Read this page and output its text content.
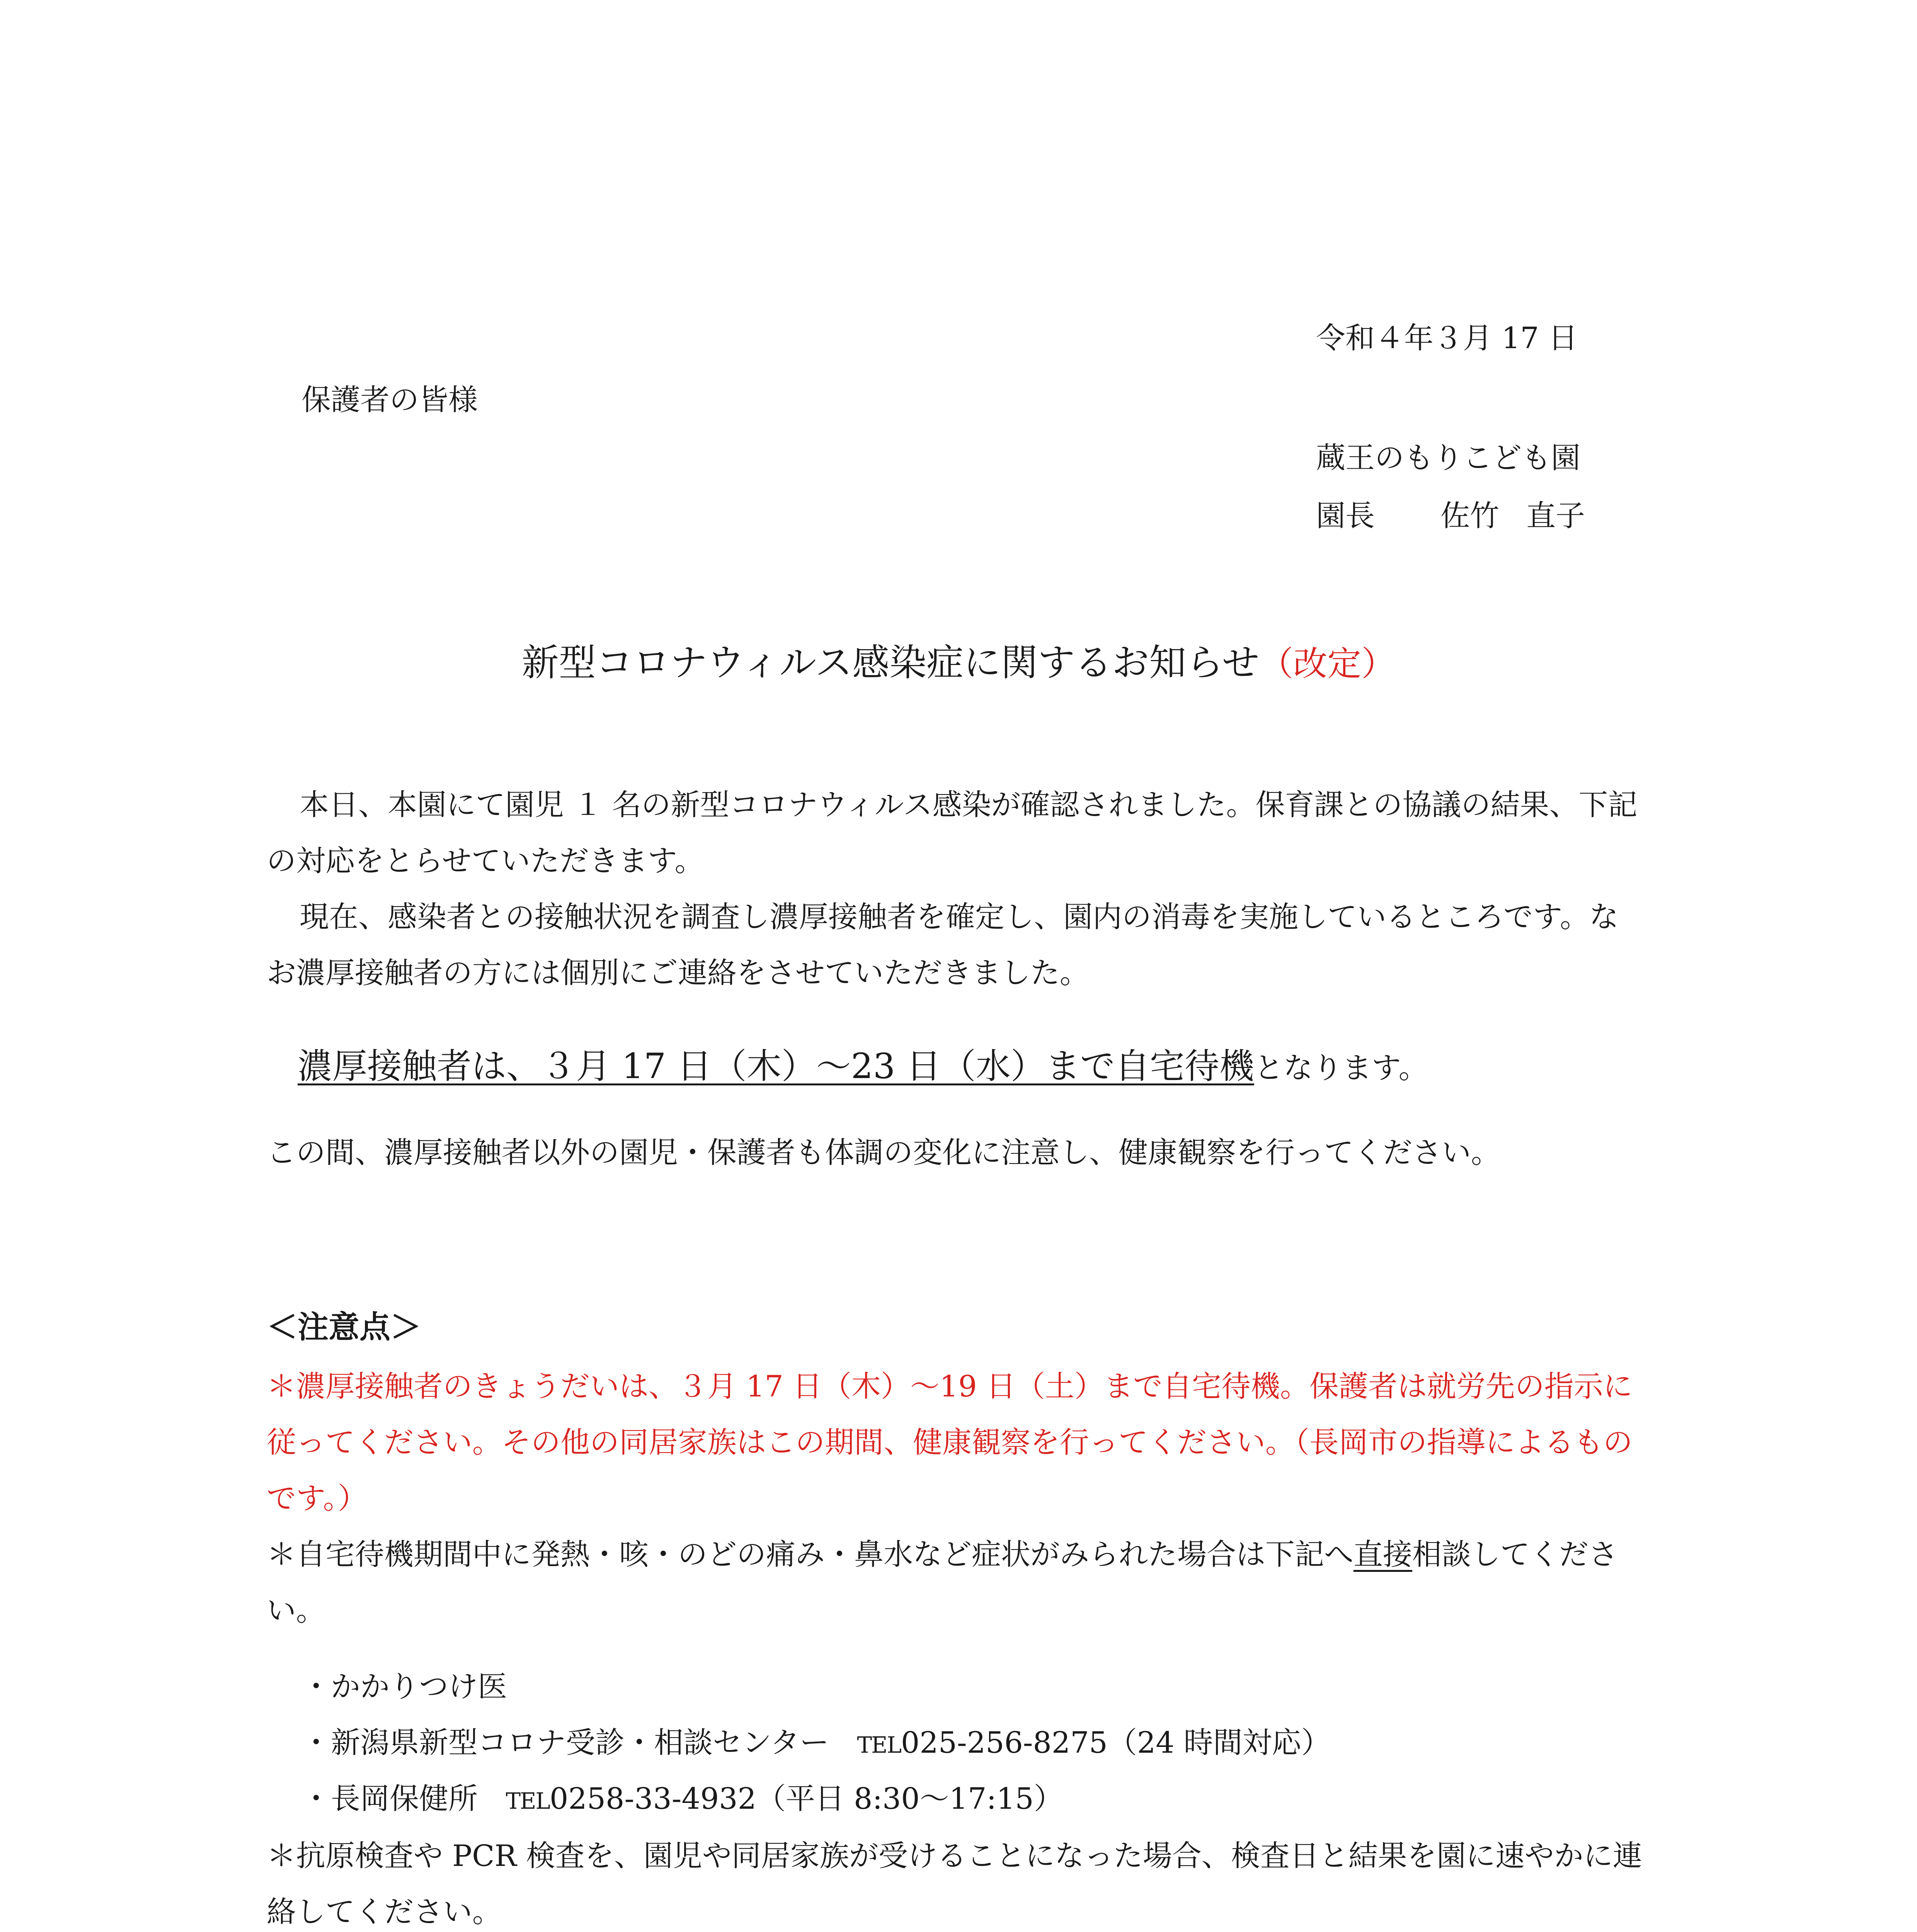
令和４年３月 17 日
保護者の皆様
蔵王のもりこども園
園長 佐竹 直子
新型コロナウィルス感染症に関するお知らせ（改定）
本日、本園にて園児 １ 名の新型コロナウィルス感染が確認されました。保育課との協議の結果、下記の対応をとらせていただきます。
現在、感染者との接触状況を調査し濃厚接触者を確定し、園内の消毒を実施しているところです。なお濃厚接触者の方には個別にご連絡をさせていただきました。
濃厚接触者は、３月 17 日（木）～23 日（水）まで自宅待機となります。
この間、濃厚接触者以外の園児・保護者も体調の変化に注意し、健康観察を行ってください。
＜注意点＞
＊濃厚接触者のきょうだいは、３月 17 日（木）～19 日（土）まで自宅待機。保護者は就労先の指示に従ってください。その他の同居家族はこの期間、健康観察を行ってください。（長岡市の指導によるものです。）
＊自宅待機期間中に発熱・咳・のどの痛み・鼻水など症状がみられた場合は下記へ直接相談してください。
・かかりつけ医
・新潟県新型コロナ受診・相談センター TEL025-256-8275（24 時間対応）
・長岡保健所 TEL0258-33-4932（平日 8:30～17:15）
＊抗原検査や PCR 検査を、園児や同居家族が受けることになった場合、検査日と結果を園に速やかに連絡してください。
